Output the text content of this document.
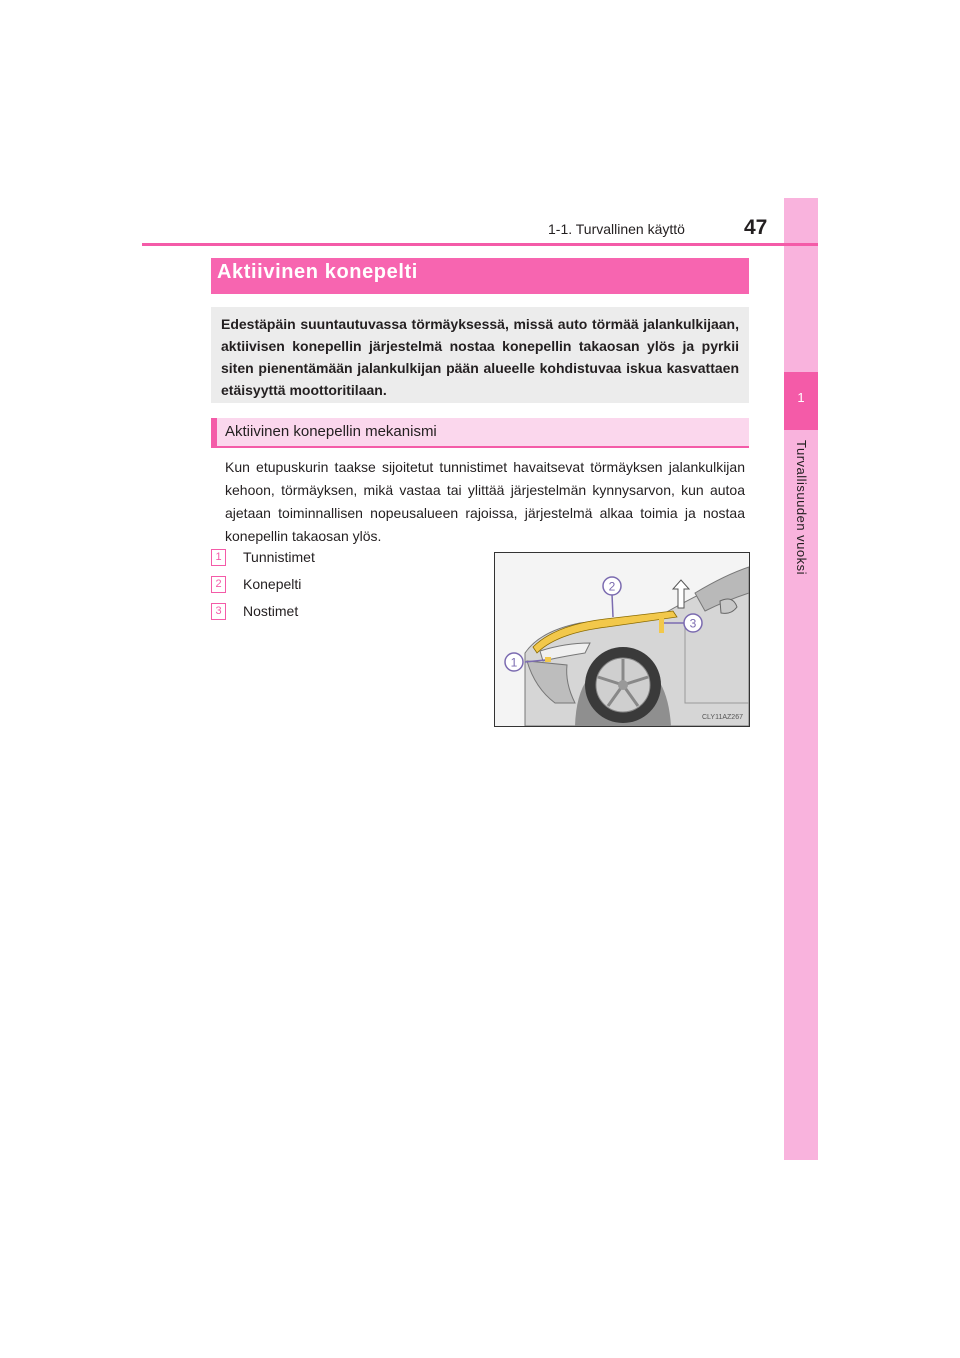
1
Turvallisuuden vuoksi
1-1. Turvallinen käyttö	47
Aktiivinen konepelti

Edestäpäin suuntautuvassa törmäyksessä, missä auto törmää jalankulkijaan, aktiivisen konepellin järjestelmä nostaa konepellin takaosan ylös ja pyrkii siten pienentämään jalankulkijan pään alueelle kohdistuvaa iskua kasvattaen etäisyyttä moottoritilaan.

Aktiivinen konepellin mekanismi

Kun etupuskurin taakse sijoitetut tunnistimet havaitsevat törmäyksen jalankulkijan kehoon, törmäyksen, mikä vastaa tai ylittää järjestelmän kynnysarvon, kun autoa ajetaan toiminnallisen nopeusalueen rajoissa, järjestelmä alkaa toimia ja nostaa konepellin takaosan ylös.

1	Tunnistimet
2	Konepelti
3	Nostimet
1
2
3
CLY11AZ267
